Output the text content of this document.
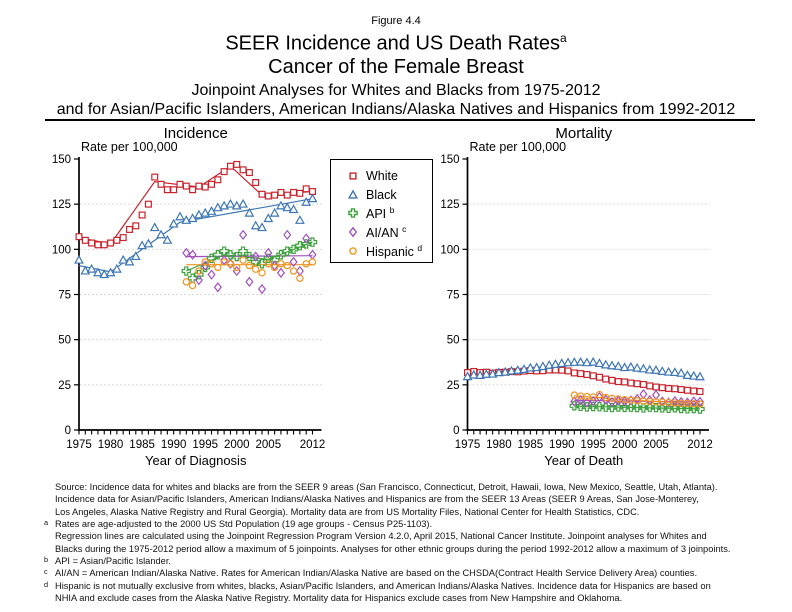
Figure 4.4
SEER Incidence and US Death Rates$^a$
Cancer of the Female Breast
Joinpoint Analyses for Whites and Blacks from 1975-2012
and for Asian/Pacific Islanders, American Indians/Alaska Natives and Hispanics from 1992-2012
Incidence
Rate per 100,000
0
25
50
75
100
125
150
1975 1980 1985 1990 1995 2000 2005 2012
Year of Diagnosis
Mortality
Rate per 100,000
0
25
50
75
100
125
150
1975 1980 1985 1990 1995 2000 2005 2012
Year of Death
White
Black
API $^b$
AI/AN $^c$
Hispanic $^d$
Source: Incidence data for whites and blacks are from the SEER 9 areas (San Francisco, Connecticut, Detroit, Hawaii, Iowa, New Mexico, Seattle, Utah, Atlanta).
Incidence data for Asian/Pacific Islanders, American Indians/Alaska Natives and Hispanics are from the SEER 13 Areas (SEER 9 Areas, San Jose-Monterey,
Los Angeles, Alaska Native Registry and Rural Georgia). Mortality data are from US Mortality Files, National Center for Health Statistics, CDC.
a Rates are age-adjusted to the 2000 US Std Population (19 age groups - Census P25-1103).
Regression lines are calculated using the Joinpoint Regression Program Version 4.2.0, April 2015, National Cancer Institute. Joinpoint analyses for Whites and
Blacks during the 1975-2012 period allow a maximum of 5 joinpoints. Analyses for other ethnic groups during the period 1992-2012 allow a maximum of 3 joinpoints.
b API = Asian/Pacific Islander.
c AI/AN = American Indian/Alaska Native. Rates for American Indian/Alaska Native are based on the CHSDA(Contract Health Service Delivery Area) counties.
d Hispanic is not mutually exclusive from whites, blacks, Asian/Pacific Islanders, and American Indians/Alaska Natives. Incidence data for Hispanics are based on
NHIA and exclude cases from the Alaska Native Registry. Mortality data for Hispanics exclude cases from New Hampshire and Oklahoma.
